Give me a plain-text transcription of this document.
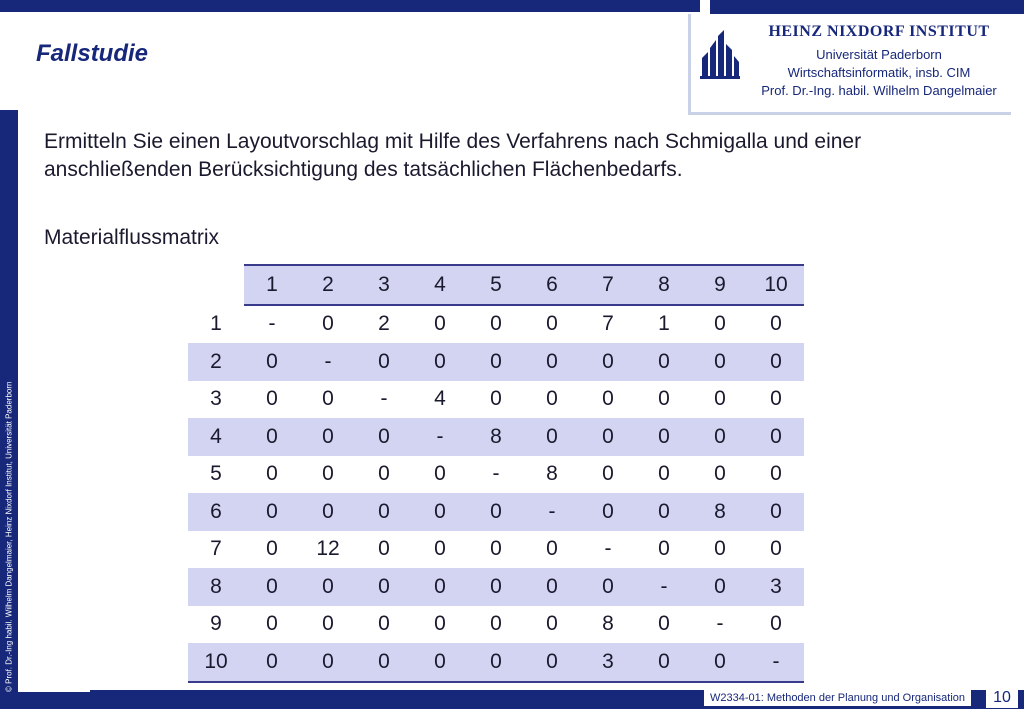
HEINZ NIXDORF INSTITUT
Universität Paderborn
Wirtschaftsinformatik, insb. CIM
Prof. Dr.-Ing. habil. Wilhelm Dangelmaier
© Prof. Dr.-Ing habil. Wilhelm Dangelmaier, Heinz Nixdorf Institut, Universität Paderborn
Fallstudie
Ermitteln Sie einen Layoutvorschlag mit Hilfe des Verfahrens nach Schmigalla und einer anschließenden Berücksichtigung des tatsächlichen Flächenbedarfs.
Materialflussmatrix
	1	2	3	4	5	6	7	8	9	10
1	-	0	2	0	0	0	7	1	0	0
2	0	-	0	0	0	0	0	0	0	0
3	0	0	-	4	0	0	0	0	0	0
4	0	0	0	-	8	0	0	0	0	0
5	0	0	0	0	-	8	0	0	0	0
6	0	0	0	0	0	-	0	0	8	0
7	0	12	0	0	0	0	-	0	0	0
8	0	0	0	0	0	0	0	-	0	3
9	0	0	0	0	0	0	8	0	-	0
10	0	0	0	0	0	0	3	0	0	-
W2334-01: Methoden der Planung und Organisation	10
